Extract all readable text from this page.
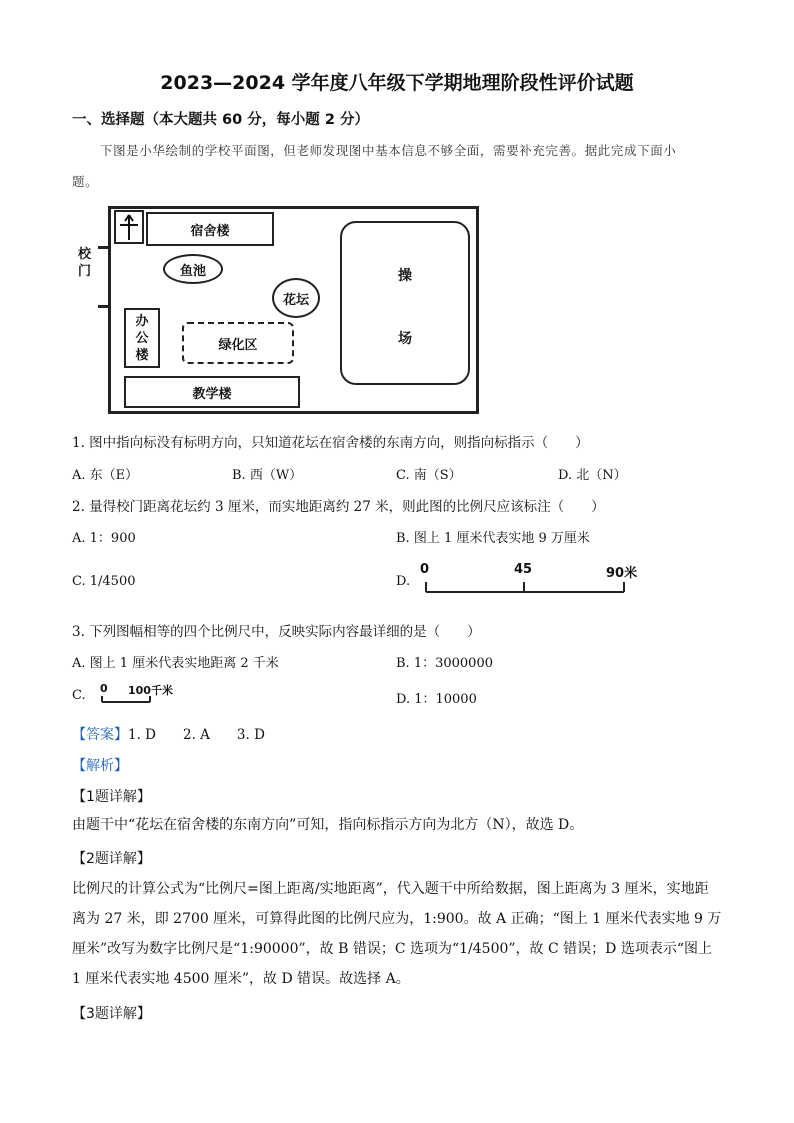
2023—2024 学年度八年级下学期地理阶段性评价试题
一、选择题（本大题共 60 分，每小题 2 分）
下图是小华绘制的学校平面图，但老师发现图中基本信息不够全面，需要补充完善。据此完成下面小
题。
校
门
宿舍楼
鱼池
花坛
办
公
楼
绿化区
教学楼
操
场
1. 图中指向标没有标明方向，只知道花坛在宿舍楼的东南方向，则指向标指示（　　）
A. 东（E）	B. 西（W）	C. 南（S）	D. 北（N）
2. 量得校门距离花坛约 3 厘米，而实地距离约 27 米，则此图的比例尺应该标注（　　）
A. 1：900	B. 图上 1 厘米代表实地 9 万厘米
C. 1/4500	D.
0	45	90米
3. 下列图幅相等的四个比例尺中，反映实际内容最详细的是（　　）
A. 图上 1 厘米代表实地距离 2 千米	B. 1：3000000
C. 0 100千米
D. 1：10000
【答案】1. D　　2. A　　3. D
【解析】
【1题详解】
由题干中“花坛在宿舍楼的东南方向”可知，指向标指示方向为北方（N），故选 D。
【2题详解】
比例尺的计算公式为“比例尺=图上距离/实地距离”，代入题干中所给数据，图上距离为 3 厘米，实地距离为 27 米，即 2700 厘米，可算得此图的比例尺应为，1:900。故 A 正确；“图上 1 厘米代表实地 9 万厘米”改写为数字比例尺是“1:90000”，故 B 错误；C 选项为“1/4500”，故 C 错误；D 选项表示“图上 1 厘米代表实地 4500 厘米”，故 D 错误。故选择 A。
【3题详解】
